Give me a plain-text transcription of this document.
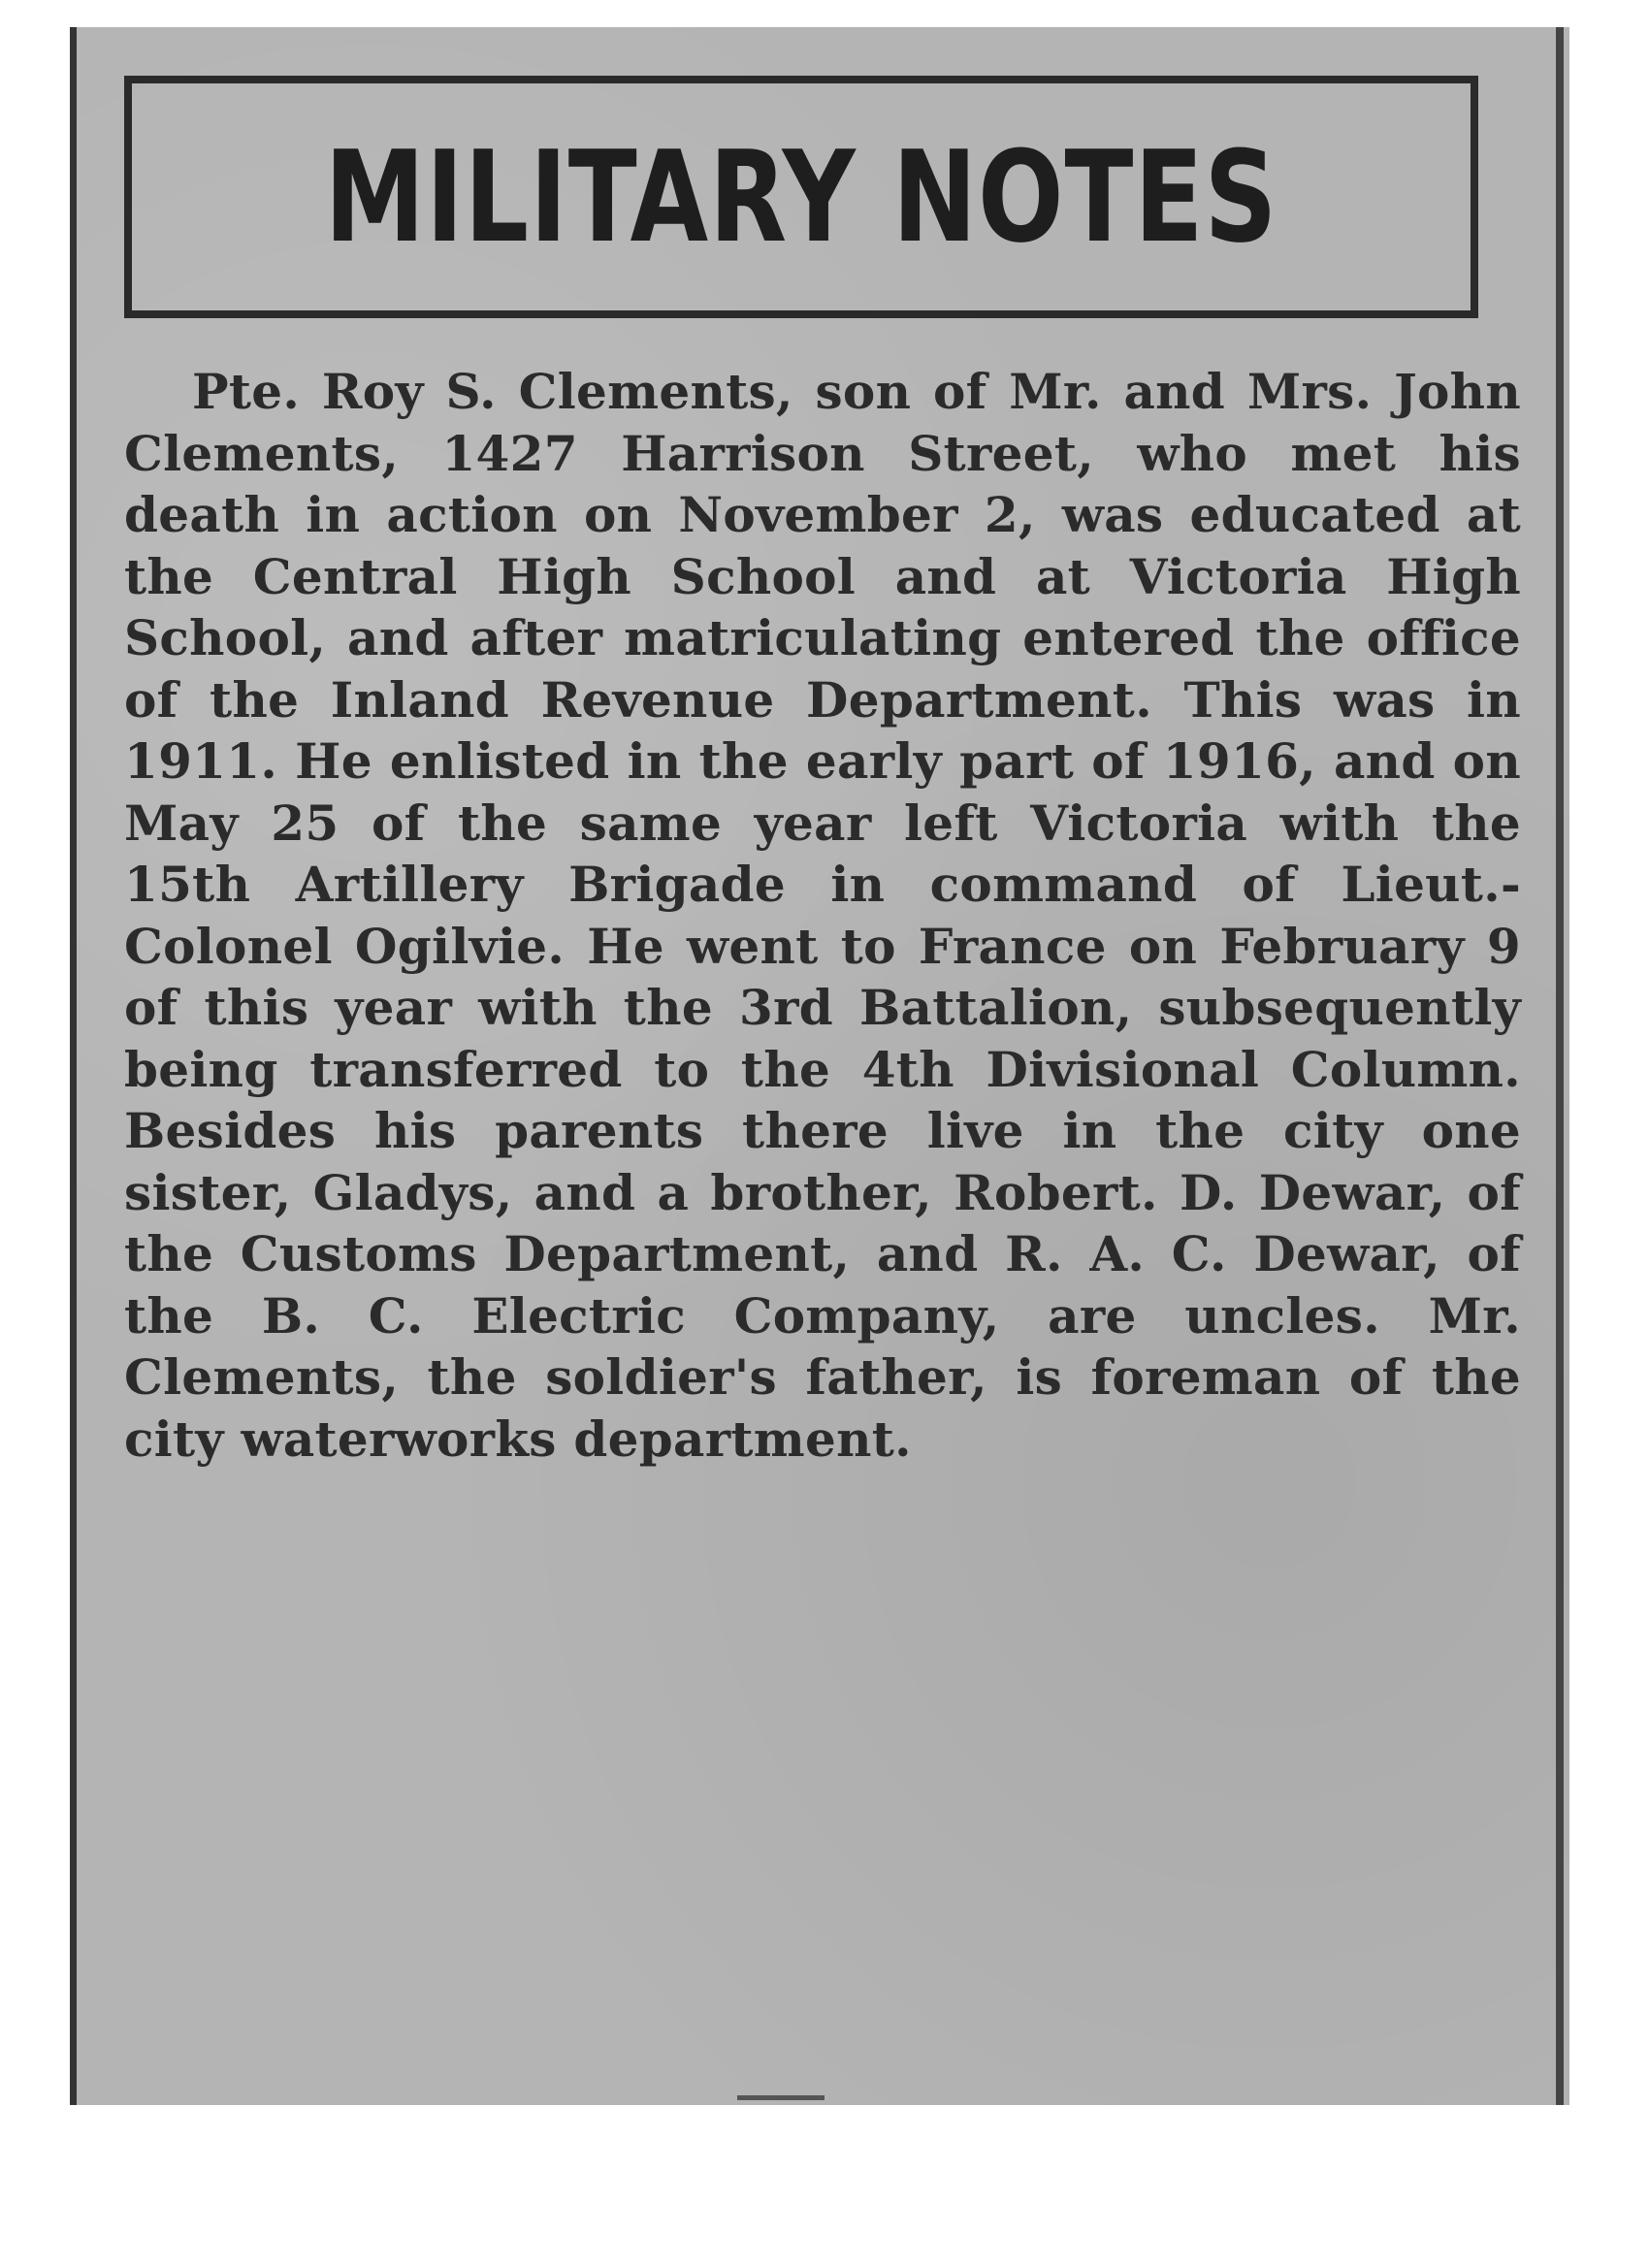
MILITARY NOTES

Pte. Roy S. Clements, son of Mr. and Mrs. John Clements, 1427 Harrison Street, who met his death in action on November 2, was educated at the Central High School and at Victoria High School, and after matriculating entered the office of the Inland Revenue Department. This was in 1911. He enlisted in the early part of 1916, and on May 25 of the same year left Victoria with the 15th Artillery Brigade in command of Lieut.-Colonel Ogilvie. He went to France on February 9 of this year with the 3rd Battalion, subsequently being transferred to the 4th Divisional Column. Besides his parents there live in the city one sister, Gladys, and a brother, Robert. D. Dewar, of the Customs Department, and R. A. C. Dewar, of the B. C. Electric Company, are uncles. Mr. Clements, the soldier's father, is foreman of the city waterworks department.
